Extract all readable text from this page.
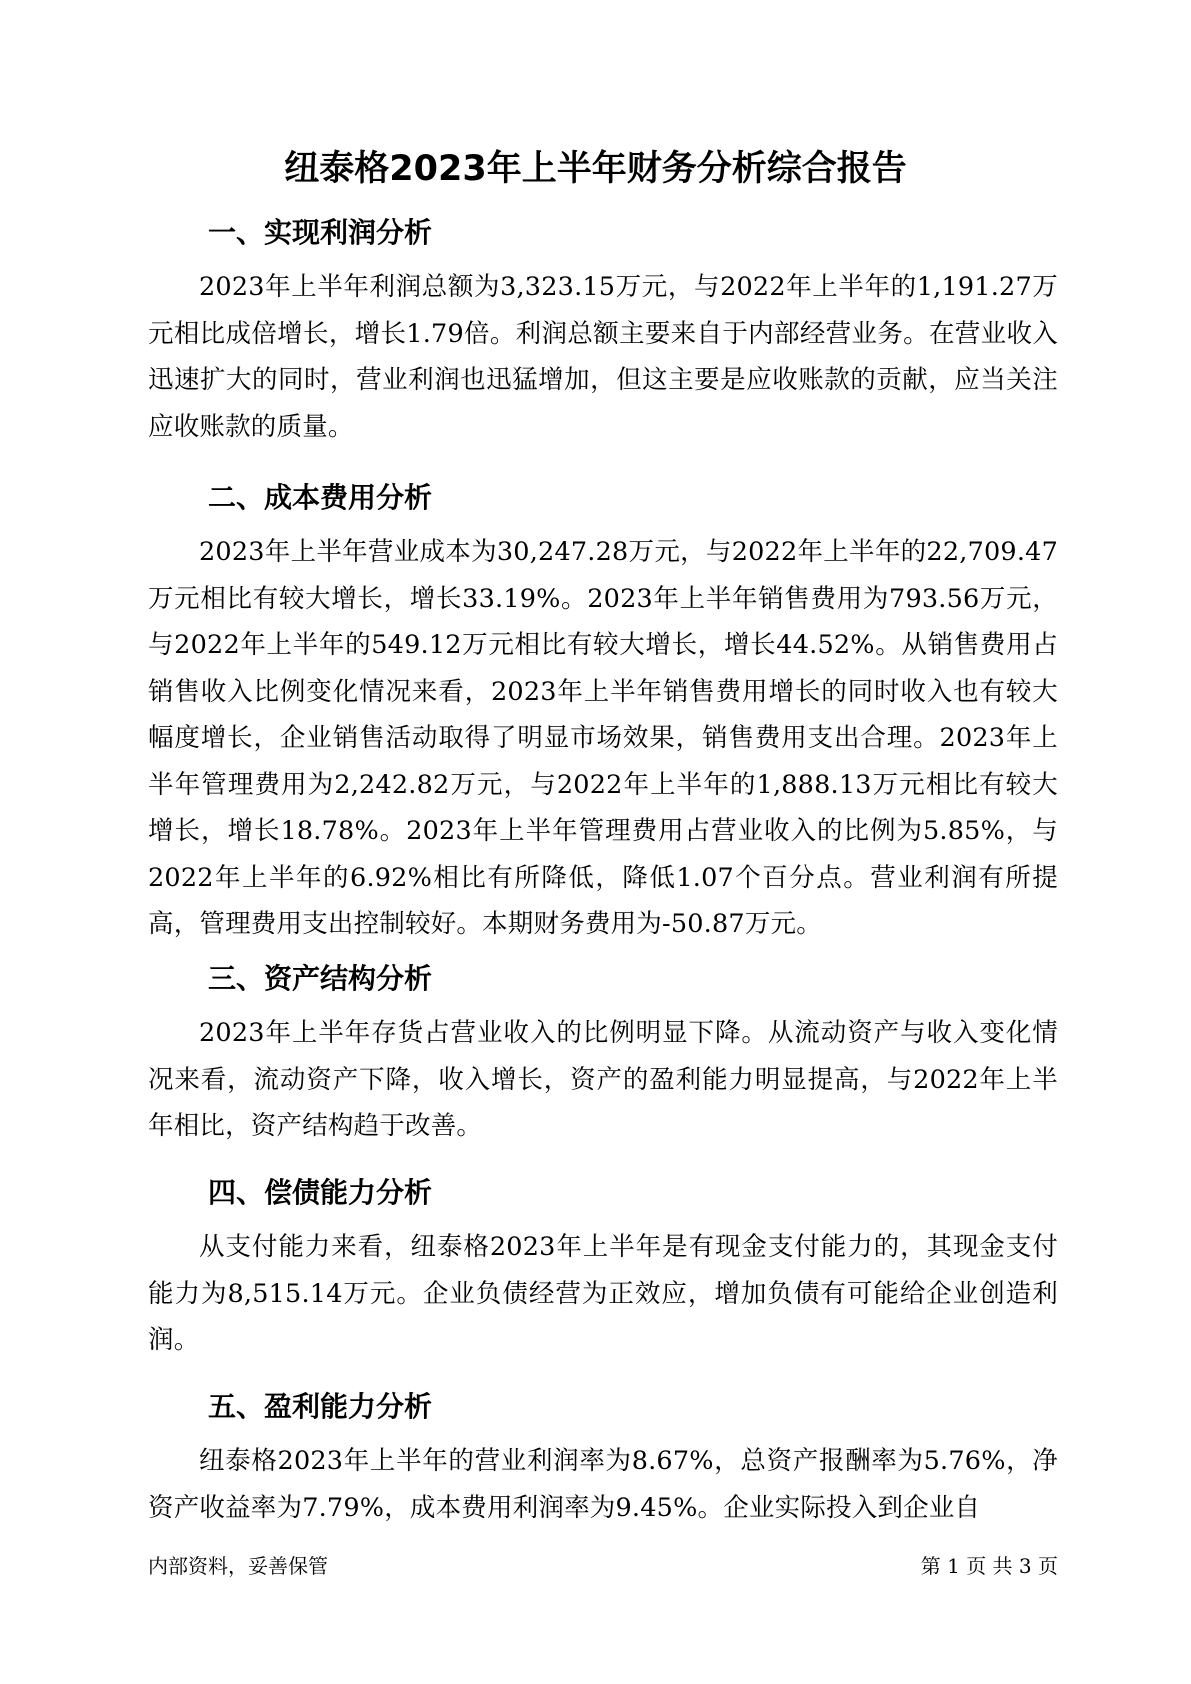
纽泰格2023年上半年财务分析综合报告
一、实现利润分析

2023年上半年利润总额为3,323.15万元，与2022年上半年的1,191.27万元相比成倍增长，增长1.79倍。利润总额主要来自于内部经营业务。在营业收入迅速扩大的同时，营业利润也迅猛增加，但这主要是应收账款的贡献，应当关注应收账款的质量。

二、成本费用分析

2023年上半年营业成本为30,247.28万元，与2022年上半年的22,709.47万元相比有较大增长，增长33.19%。2023年上半年销售费用为793.56万元，与2022年上半年的549.12万元相比有较大增长，增长44.52%。从销售费用占销售收入比例变化情况来看，2023年上半年销售费用增长的同时收入也有较大幅度增长，企业销售活动取得了明显市场效果，销售费用支出合理。2023年上半年管理费用为2,242.82万元，与2022年上半年的1,888.13万元相比有较大增长，增长18.78%。2023年上半年管理费用占营业收入的比例为5.85%，与2022年上半年的6.92%相比有所降低，降低1.07个百分点。营业利润有所提高，管理费用支出控制较好。本期财务费用为-50.87万元。

三、资产结构分析

2023年上半年存货占营业收入的比例明显下降。从流动资产与收入变化情况来看，流动资产下降，收入增长，资产的盈利能力明显提高，与2022年上半年相比，资产结构趋于改善。

四、偿债能力分析

从支付能力来看，纽泰格2023年上半年是有现金支付能力的，其现金支付能力为8,515.14万元。企业负债经营为正效应，增加负债有可能给企业创造利润。

五、盈利能力分析

纽泰格2023年上半年的营业利润率为8.67%，总资产报酬率为5.76%，净资产收益率为7.79%，成本费用利润率为9.45%。企业实际投入到企业自

内部资料，妥善保管	第 1 页 共 3 页
